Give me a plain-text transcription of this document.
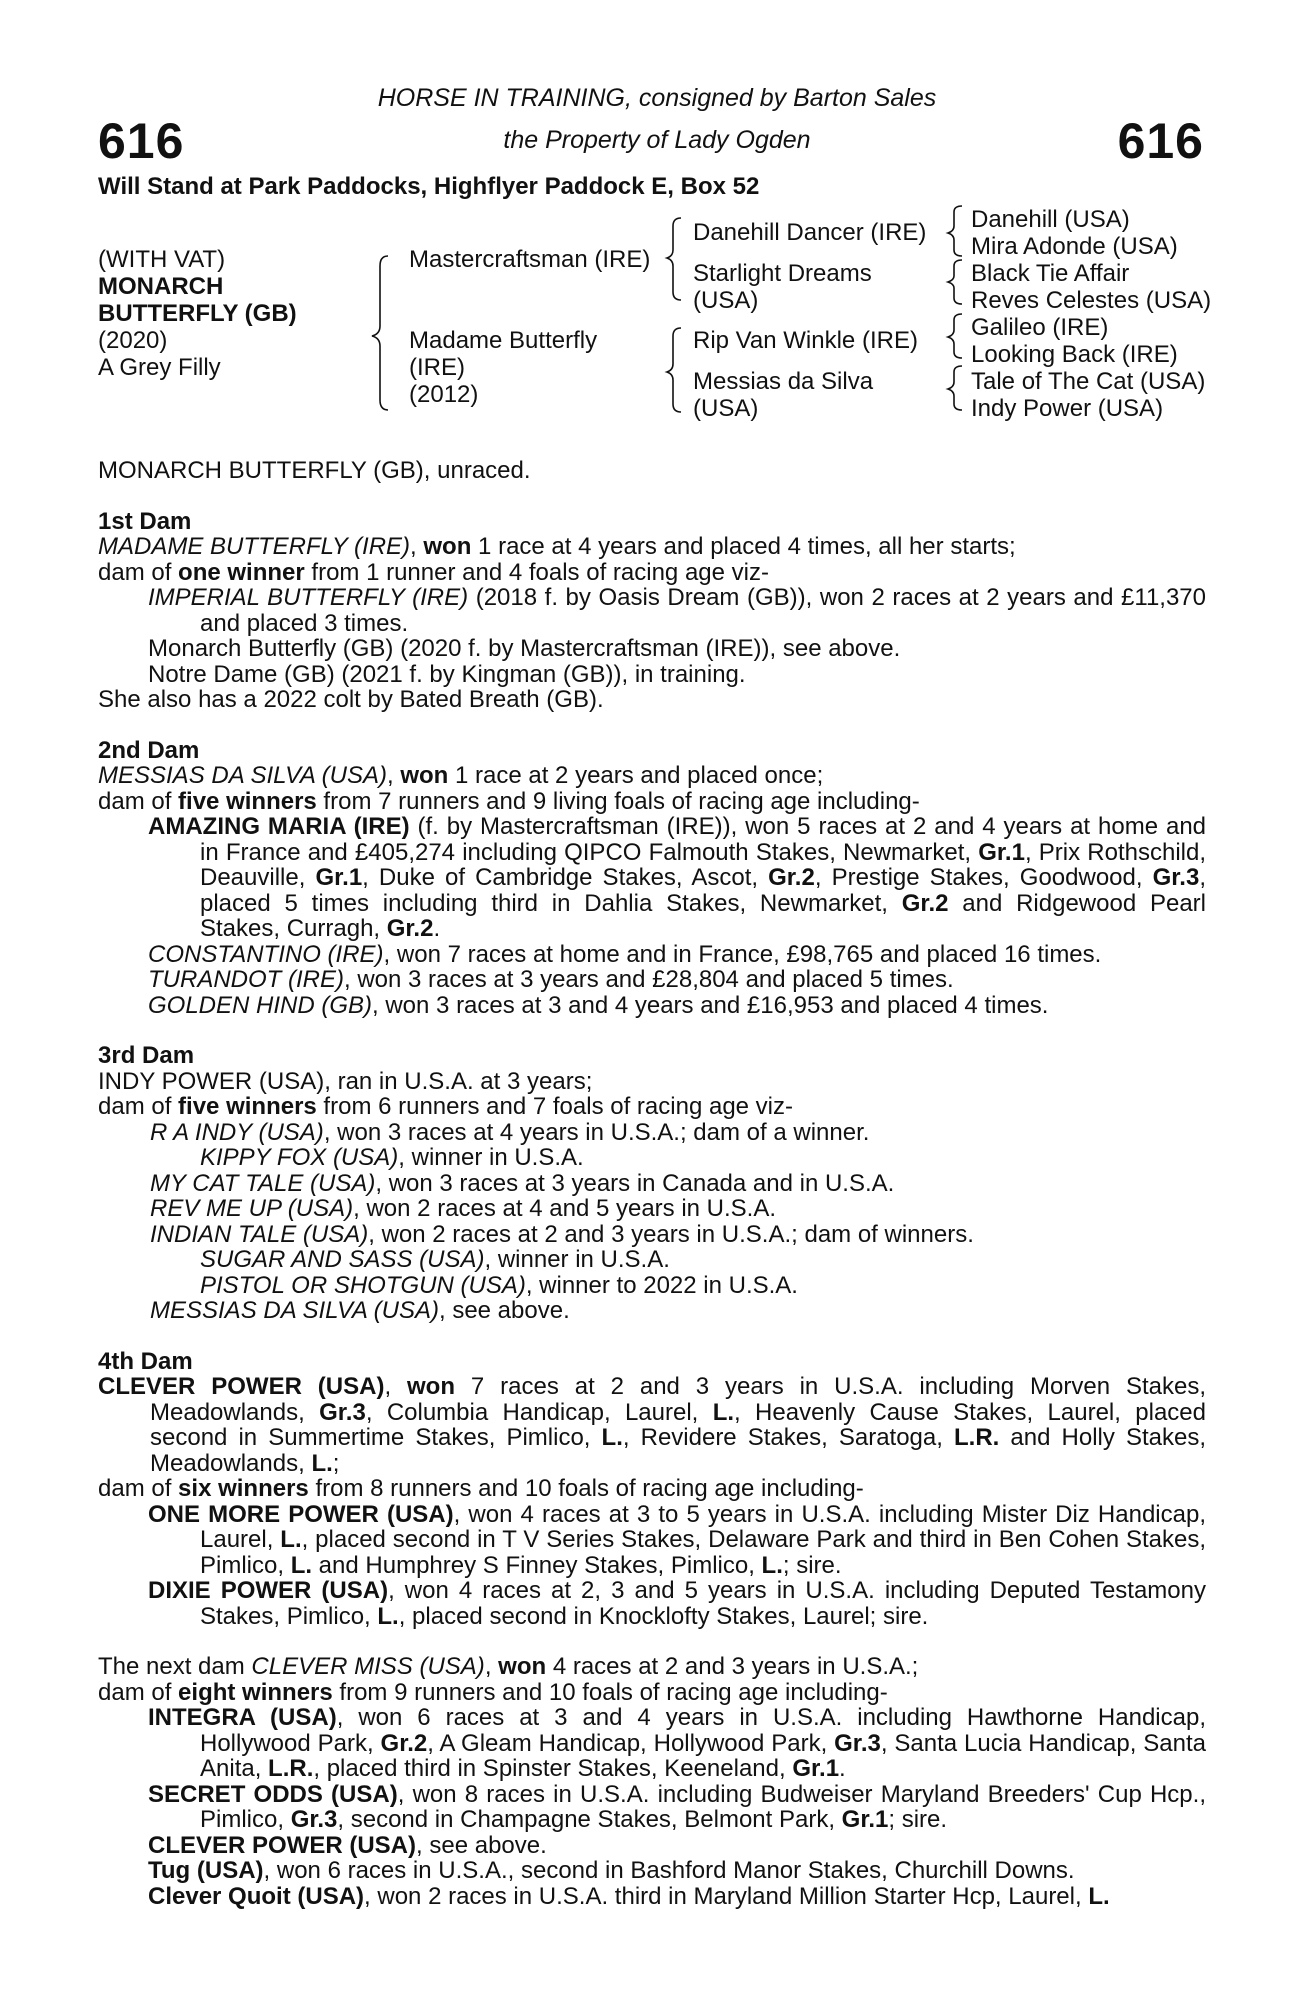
616	616
HORSE IN TRAINING, consigned by Barton Sales
the Property of Lady Ogden
Will Stand at Park Paddocks, Highflyer Paddock E, Box 52
(WITH VAT)
MONARCH
BUTTERFLY (GB)
(2020)
A Grey Filly
Mastercraftsman (IRE)
Madame Butterfly
(IRE)
(2012)
Danehill Dancer (IRE)
Starlight Dreams
(USA)
Rip Van Winkle (IRE)
Messias da Silva
(USA)
Danehill (USA)
Mira Adonde (USA)
Black Tie Affair
Reves Celestes (USA)
Galileo (IRE)
Looking Back (IRE)
Tale of The Cat (USA)
Indy Power (USA)

MONARCH BUTTERFLY (GB), unraced.

1st Dam

MADAME BUTTERFLY (IRE), won 1 race at 4 years and placed 4 times, all her starts;

dam of one winner from 1 runner and 4 foals of racing age viz-

IMPERIAL BUTTERFLY (IRE) (2018 f. by Oasis Dream (GB)), won 2 races at 2 years and £11,370 and placed 3 times.

Monarch Butterfly (GB) (2020 f. by Mastercraftsman (IRE)), see above.

Notre Dame (GB) (2021 f. by Kingman (GB)), in training.

She also has a 2022 colt by Bated Breath (GB).

2nd Dam

MESSIAS DA SILVA (USA), won 1 race at 2 years and placed once;

dam of five winners from 7 runners and 9 living foals of racing age including-

AMAZING MARIA (IRE) (f. by Mastercraftsman (IRE)), won 5 races at 2 and 4 years at home and in France and £405,274 including QIPCO Falmouth Stakes, Newmarket, Gr.1, Prix Rothschild, Deauville, Gr.1, Duke of Cambridge Stakes, Ascot, Gr.2, Prestige Stakes, Goodwood, Gr.3, placed 5 times including third in Dahlia Stakes, Newmarket, Gr.2 and Ridgewood Pearl Stakes, Curragh, Gr.2.

CONSTANTINO (IRE), won 7 races at home and in France, £98,765 and placed 16 times.

TURANDOT (IRE), won 3 races at 3 years and £28,804 and placed 5 times.

GOLDEN HIND (GB), won 3 races at 3 and 4 years and £16,953 and placed 4 times.

3rd Dam

INDY POWER (USA), ran in U.S.A. at 3 years;

dam of five winners from 6 runners and 7 foals of racing age viz-

R A INDY (USA), won 3 races at 4 years in U.S.A.; dam of a winner.

KIPPY FOX (USA), winner in U.S.A.

MY CAT TALE (USA), won 3 races at 3 years in Canada and in U.S.A.

REV ME UP (USA), won 2 races at 4 and 5 years in U.S.A.

INDIAN TALE (USA), won 2 races at 2 and 3 years in U.S.A.; dam of winners.

SUGAR AND SASS (USA), winner in U.S.A.

PISTOL OR SHOTGUN (USA), winner to 2022 in U.S.A.

MESSIAS DA SILVA (USA), see above.

4th Dam

CLEVER POWER (USA), won 7 races at 2 and 3 years in U.S.A. including Morven Stakes, Meadowlands, Gr.3, Columbia Handicap, Laurel, L., Heavenly Cause Stakes, Laurel, placed second in Summertime Stakes, Pimlico, L., Revidere Stakes, Saratoga, L.R. and Holly Stakes, Meadowlands, L.;

dam of six winners from 8 runners and 10 foals of racing age including-

ONE MORE POWER (USA), won 4 races at 3 to 5 years in U.S.A. including Mister Diz Handicap, Laurel, L., placed second in T V Series Stakes, Delaware Park and third in Ben Cohen Stakes, Pimlico, L. and Humphrey S Finney Stakes, Pimlico, L.; sire.

DIXIE POWER (USA), won 4 races at 2, 3 and 5 years in U.S.A. including Deputed Testamony Stakes, Pimlico, L., placed second in Knocklofty Stakes, Laurel; sire.

The next dam CLEVER MISS (USA), won 4 races at 2 and 3 years in U.S.A.;

dam of eight winners from 9 runners and 10 foals of racing age including-

INTEGRA (USA), won 6 races at 3 and 4 years in U.S.A. including Hawthorne Handicap, Hollywood Park, Gr.2, A Gleam Handicap, Hollywood Park, Gr.3, Santa Lucia Handicap, Santa Anita, L.R., placed third in Spinster Stakes, Keeneland, Gr.1.

SECRET ODDS (USA), won 8 races in U.S.A. including Budweiser Maryland Breeders' Cup Hcp., Pimlico, Gr.3, second in Champagne Stakes, Belmont Park, Gr.1; sire.

CLEVER POWER (USA), see above.

Tug (USA), won 6 races in U.S.A., second in Bashford Manor Stakes, Churchill Downs.

Clever Quoit (USA), won 2 races in U.S.A. third in Maryland Million Starter Hcp, Laurel, L.
